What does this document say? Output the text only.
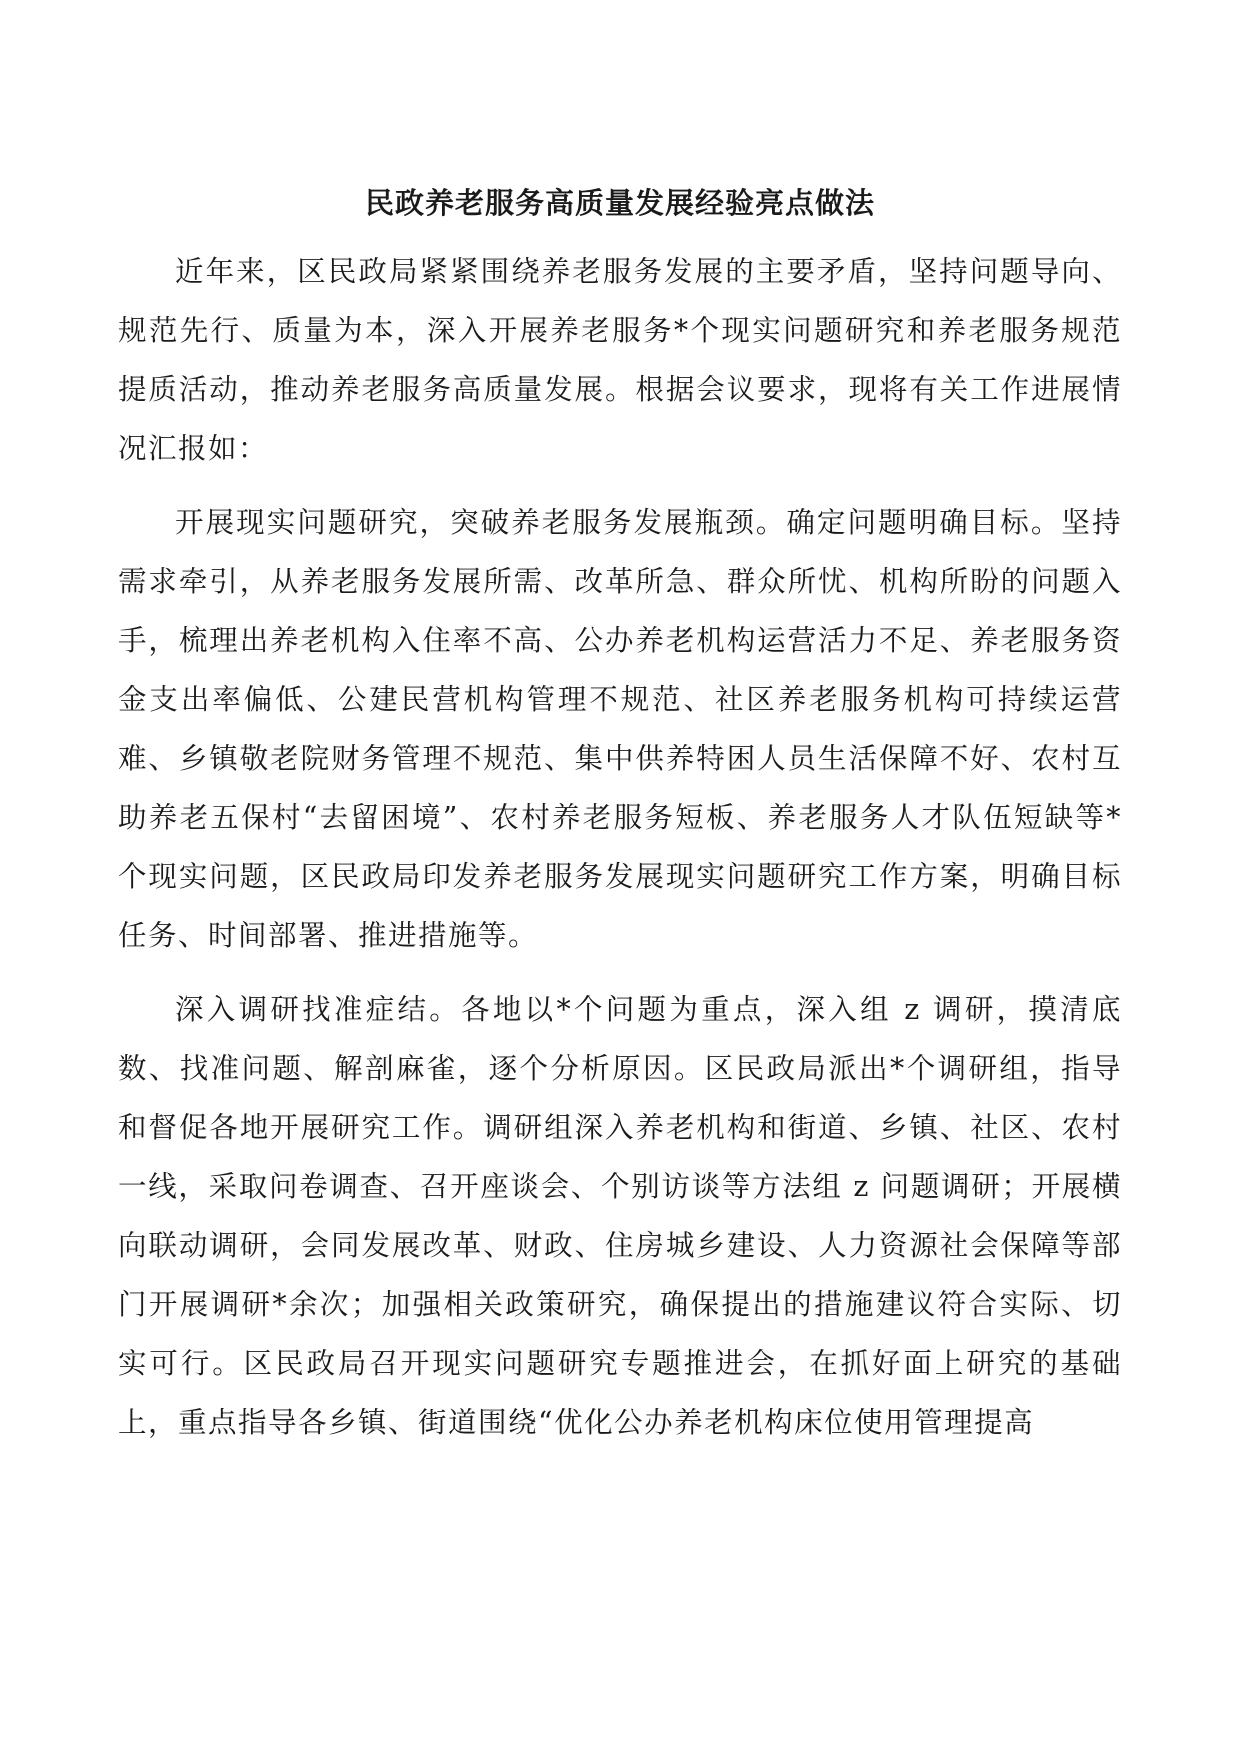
民政养老服务高质量发展经验亮点做法

近年来，区民政局紧紧围绕养老服务发展的主要矛盾，坚持问题导向、规范先行、质量为本，深入开展养老服务*个现实问题研究和养老服务规范提质活动，推动养老服务高质量发展。根据会议要求，现将有关工作进展情况汇报如：

开展现实问题研究，突破养老服务发展瓶颈。确定问题明确目标。坚持需求牵引，从养老服务发展所需、改革所急、群众所忧、机构所盼的问题入手，梳理出养老机构入住率不高、公办养老机构运营活力不足、养老服务资金支出率偏低、公建民营机构管理不规范、社区养老服务机构可持续运营难、乡镇敬老院财务管理不规范、集中供养特困人员生活保障不好、农村互助养老五保村“去留困境”、农村养老服务短板、养老服务人才队伍短缺等*个现实问题，区民政局印发养老服务发展现实问题研究工作方案，明确目标任务、时间部署、推进措施等。

深入调研找准症结。各地以*个问题为重点，深入组 z 调研，摸清底数、找准问题、解剖麻雀，逐个分析原因。区民政局派出*个调研组，指导和督促各地开展研究工作。调研组深入养老机构和街道、乡镇、社区、农村一线，采取问卷调查、召开座谈会、个别访谈等方法组 z 问题调研；开展横向联动调研，会同发展改革、财政、住房城乡建设、人力资源社会保障等部门开展调研*余次；加强相关政策研究，确保提出的措施建议符合实际、切实可行。区民政局召开现实问题研究专题推进会，在抓好面上研究的基础上，重点指导各乡镇、街道围绕“优化公办养老机构床位使用管理提高
